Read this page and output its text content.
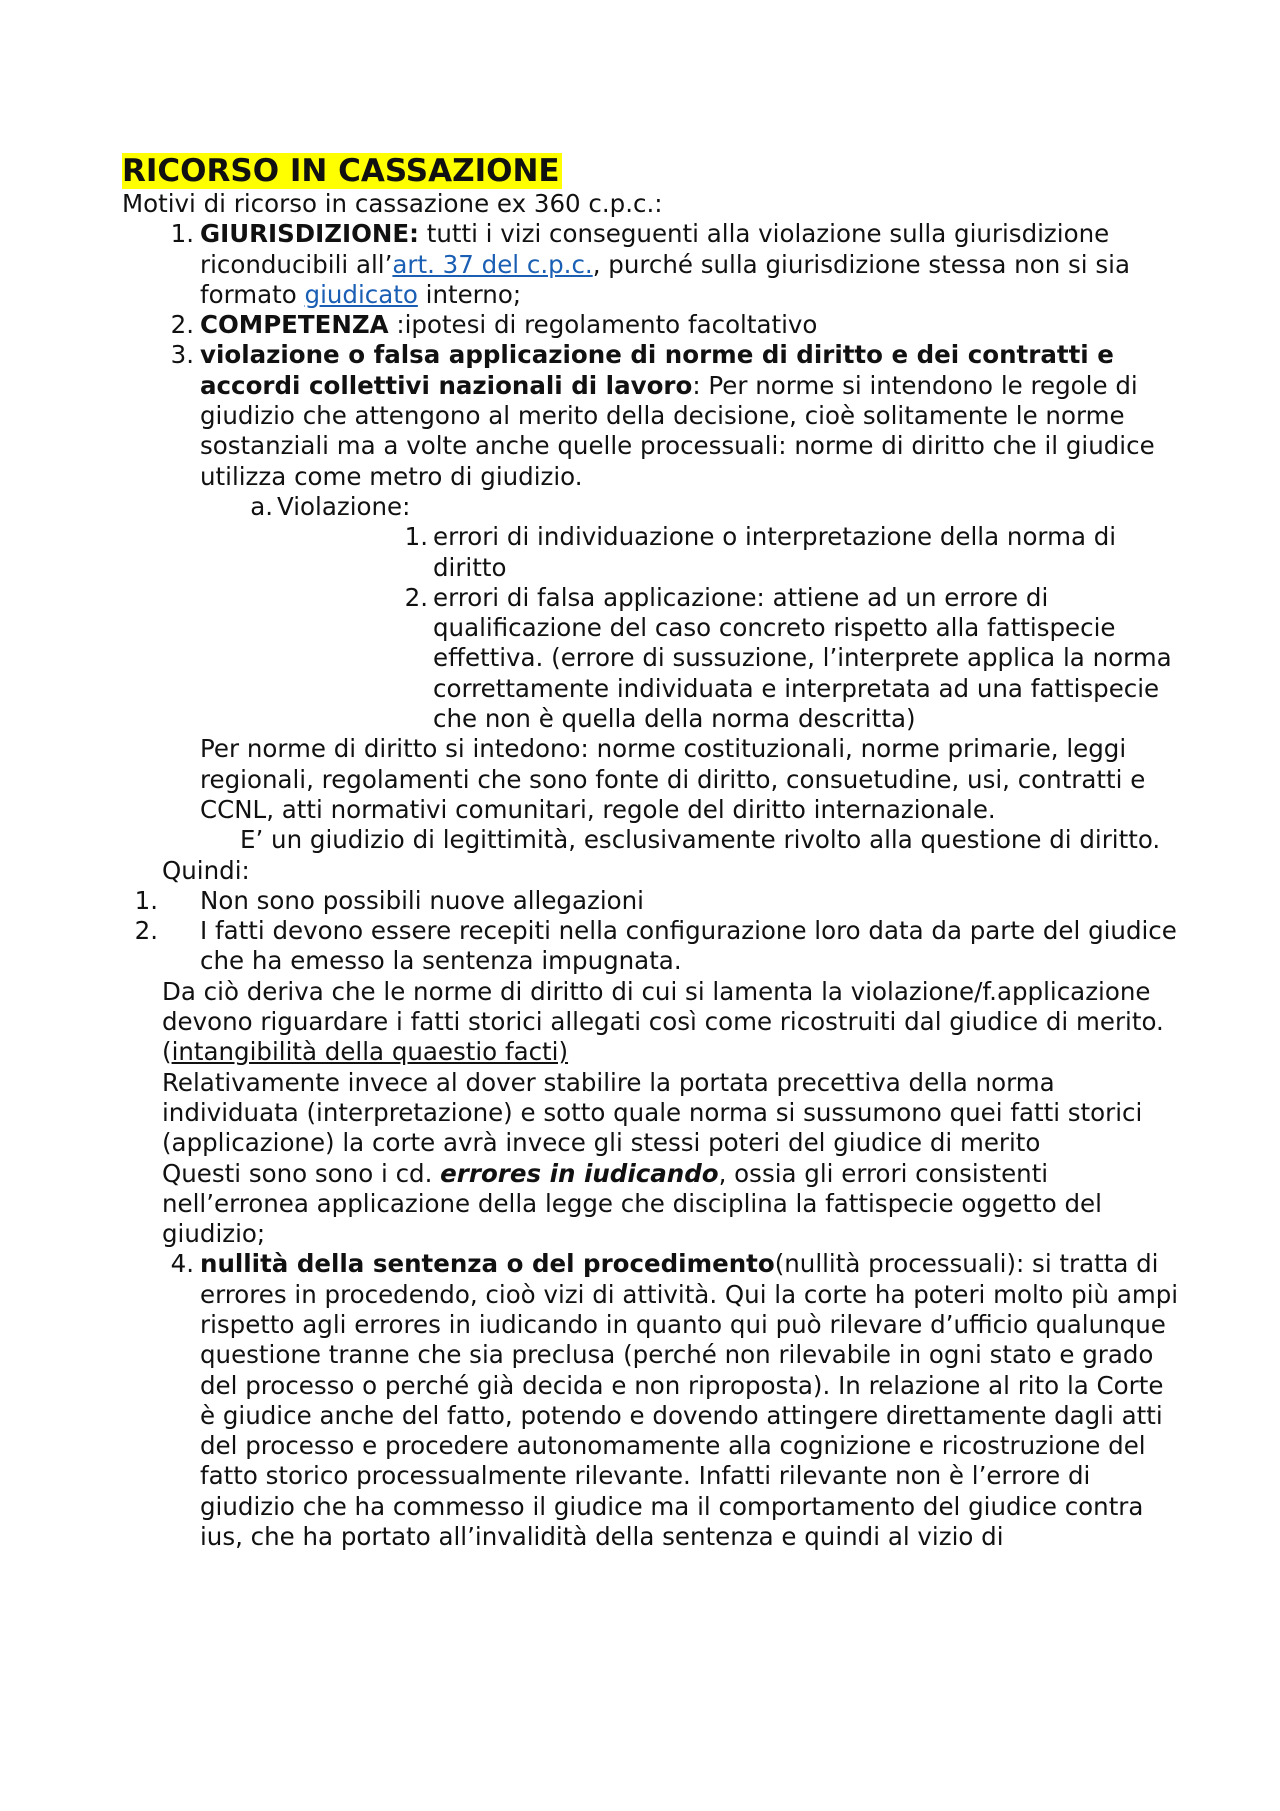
RICORSO IN CASSAZIONE

Motivi di ricorso in cassazione ex 360 c.p.c.:

1. GIURISDIZIONE: tutti i vizi conseguenti alla violazione sulla giurisdizione riconducibili all’art. 37 del c.p.c., purché sulla giurisdizione stessa non si sia formato giudicato interno;
2. COMPETENZA :ipotesi di regolamento facoltativo
3. violazione o falsa applicazione di norme di diritto e dei contratti e accordi collettivi nazionali di lavoro: Per norme si intendono le regole di giudizio che attengono al merito della decisione, cioè solitamente le norme sostanziali ma a volte anche quelle processuali: norme di diritto che il giudice utilizza come metro di giudizio.
a. Violazione:
1. errori di individuazione o interpretazione della norma di diritto
2. errori di falsa applicazione: attiene ad un errore di qualificazione del caso concreto rispetto alla fattispecie effettiva. (errore di sussuzione, l’interprete applica la norma correttamente individuata e interpretata ad una fattispecie che non è quella della norma descritta)

Per norme di diritto si intedono: norme costituzionali, norme primarie, leggi regionali, regolamenti che sono fonte di diritto, consuetudine, usi, contratti e CCNL, atti normativi comunitari, regole del diritto internazionale.

E’ un giudizio di legittimità, esclusivamente rivolto alla questione di diritto.

Quindi:

1. Non sono possibili nuove allegazioni
2. I fatti devono essere recepiti nella configurazione loro data da parte del giudice che ha emesso la sentenza impugnata.

Da ciò deriva che le norme di diritto di cui si lamenta la violazione/f.applicazione devono riguardare i fatti storici allegati così come ricostruiti dal giudice di merito. (intangibilità della quaestio facti)

Relativamente invece al dover stabilire la portata precettiva della norma individuata (interpretazione) e sotto quale norma si sussumono quei fatti storici (applicazione) la corte avrà invece gli stessi poteri del giudice di merito

Questi sono sono i cd. errores in iudicando, ossia gli errori consistenti nell’erronea applicazione della legge che disciplina la fattispecie oggetto del giudizio;

4. nullità della sentenza o del procedimento(nullità processuali): si tratta di errores in procedendo, cioò vizi di attività. Qui la corte ha poteri molto più ampi rispetto agli errores in iudicando in quanto qui può rilevare d’ufficio qualunque questione tranne che sia preclusa (perché non rilevabile in ogni stato e grado del processo o perché già decida e non riproposta). In relazione al rito la Corte è giudice anche del fatto, potendo e dovendo attingere direttamente dagli atti del processo e procedere autonomamente alla cognizione e ricostruzione del fatto storico processualmente rilevante. Infatti rilevante non è l’errore di giudizio che ha commesso il giudice ma il comportamento del giudice contra ius, che ha portato all’invalidità della sentenza e quindi al vizio di
